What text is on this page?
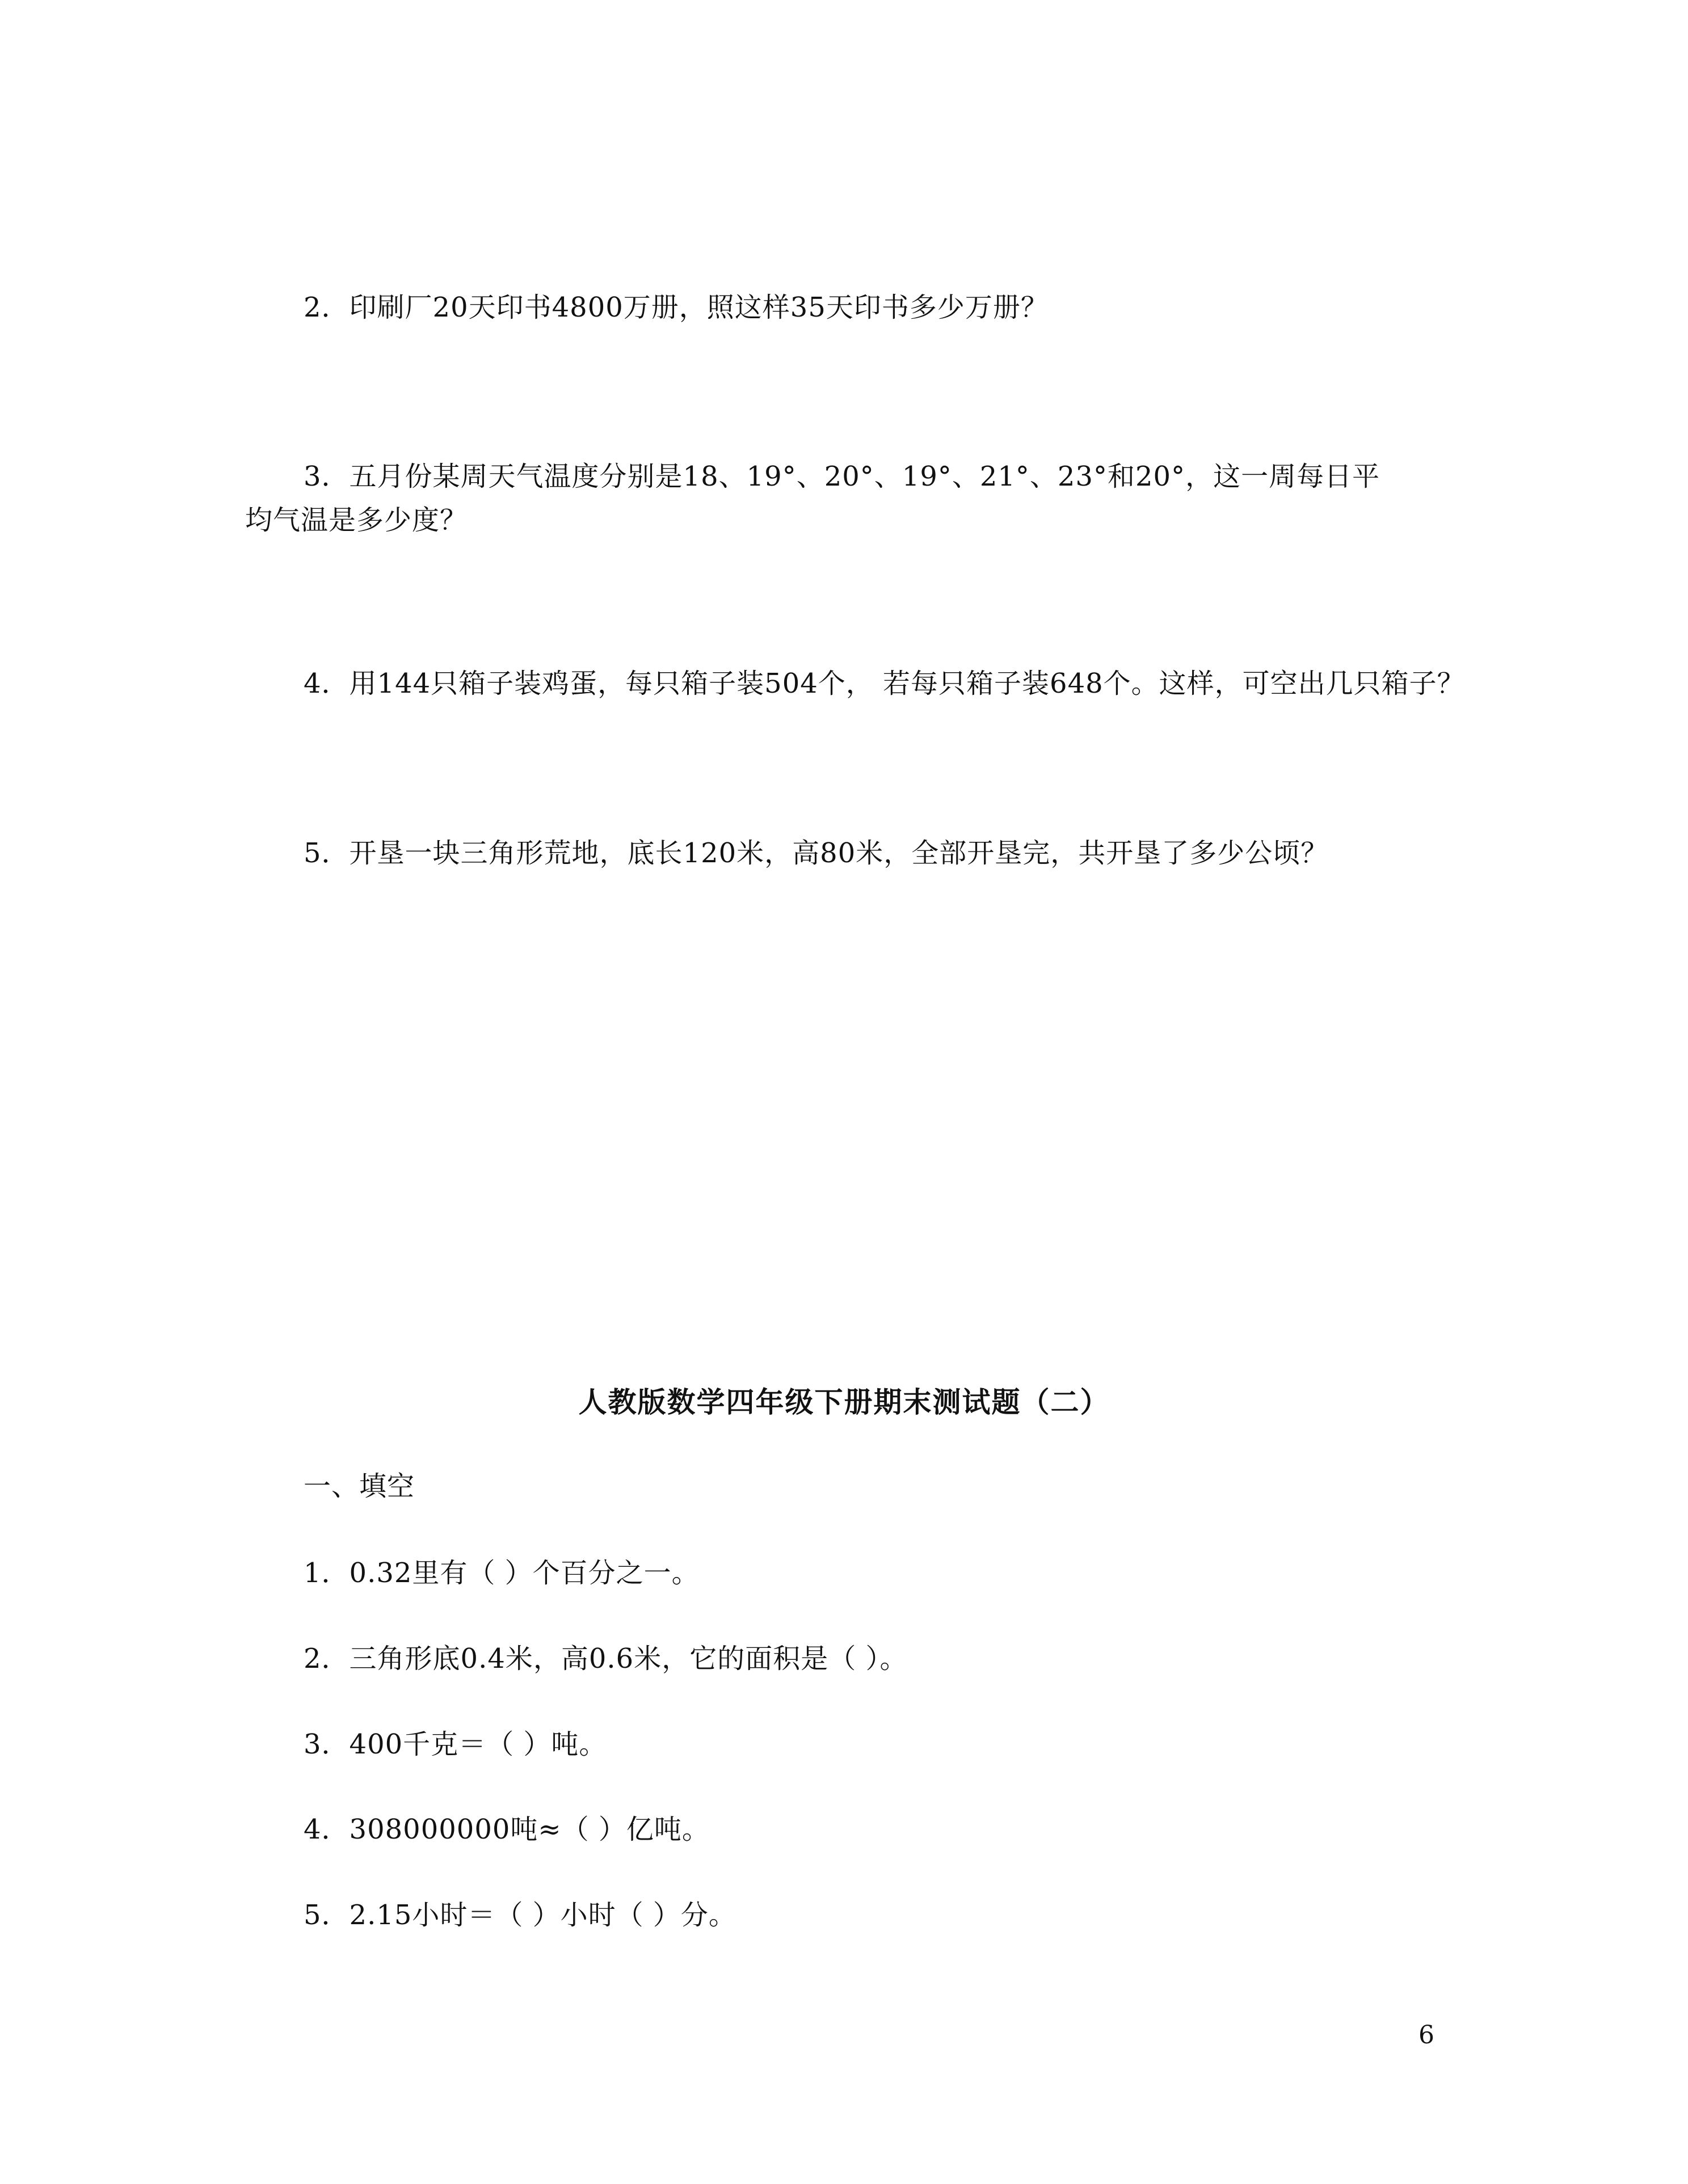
2．印刷厂20天印书4800万册，照这样35天印书多少万册？
3．五月份某周天气温度分别是18、19°、20°、19°、21°、23°和20°，这一周每日平
均气温是多少度？
4．用144只箱子装鸡蛋，每只箱子装504个， 若每只箱子装648个。这样，可空出几只箱子？
5．开垦一块三角形荒地，底长120米，高80米，全部开垦完，共开垦了多少公顷？
人教版数学四年级下册期末测试题（二）
一、填空
1．0.32里有（ ）个百分之一。
2．三角形底0.4米，高0.6米，它的面积是（ ）。
3．400千克＝（ ）吨。
4．308000000吨≈（ ）亿吨。
5．2.15小时＝（ ）小时（ ）分。
6
